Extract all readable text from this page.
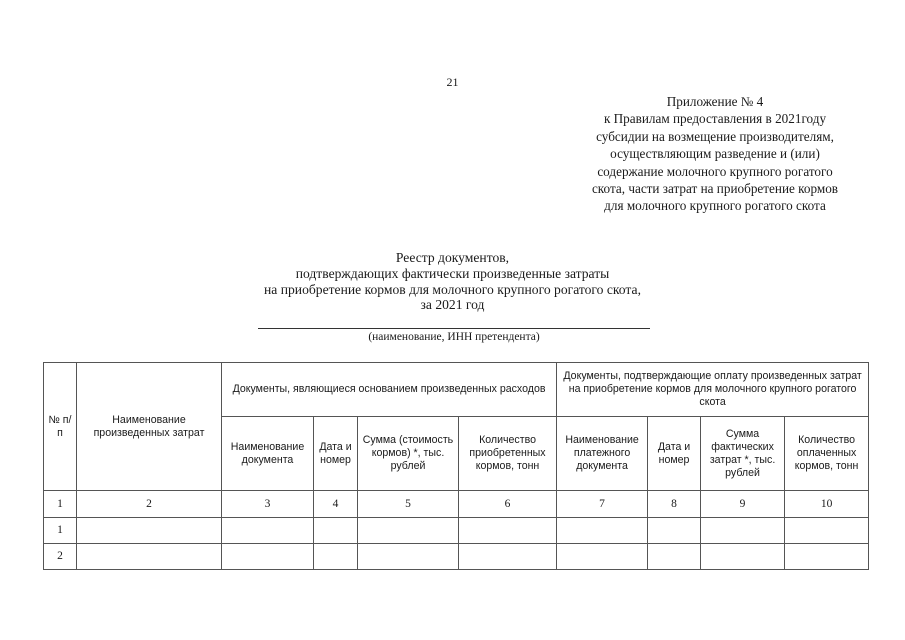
21
Приложение № 4
к Правилам предоставления в 2021году
субсидии на возмещение производителям,
осуществляющим разведение и (или)
содержание молочного крупного рогатого
скота, части затрат на приобретение кормов
для молочного крупного рогатого скота
Реестр документов,
подтверждающих фактически произведенные затраты
на приобретение кормов для молочного крупного рогатого скота,
за 2021 год
(наименование, ИНН претендента)
№ п/п	Наименование произведенных затрат	Документы, являющиеся основанием произведенных расходов				Документы, подтверждающие оплату произведенных затрат на приобретение кормов для молочного крупного рогатого скота			
		Наименование документа	Дата и номер	Сумма (стоимость кормов) *, тыс. рублей	Количество приобретенных кормов, тонн	Наименование платежного документа	Дата и номер	Сумма фактических затрат *, тыс. рублей	Количество оплаченных кормов, тонн
1	2	3	4	5	6	7	8	9	10
1									
2									
